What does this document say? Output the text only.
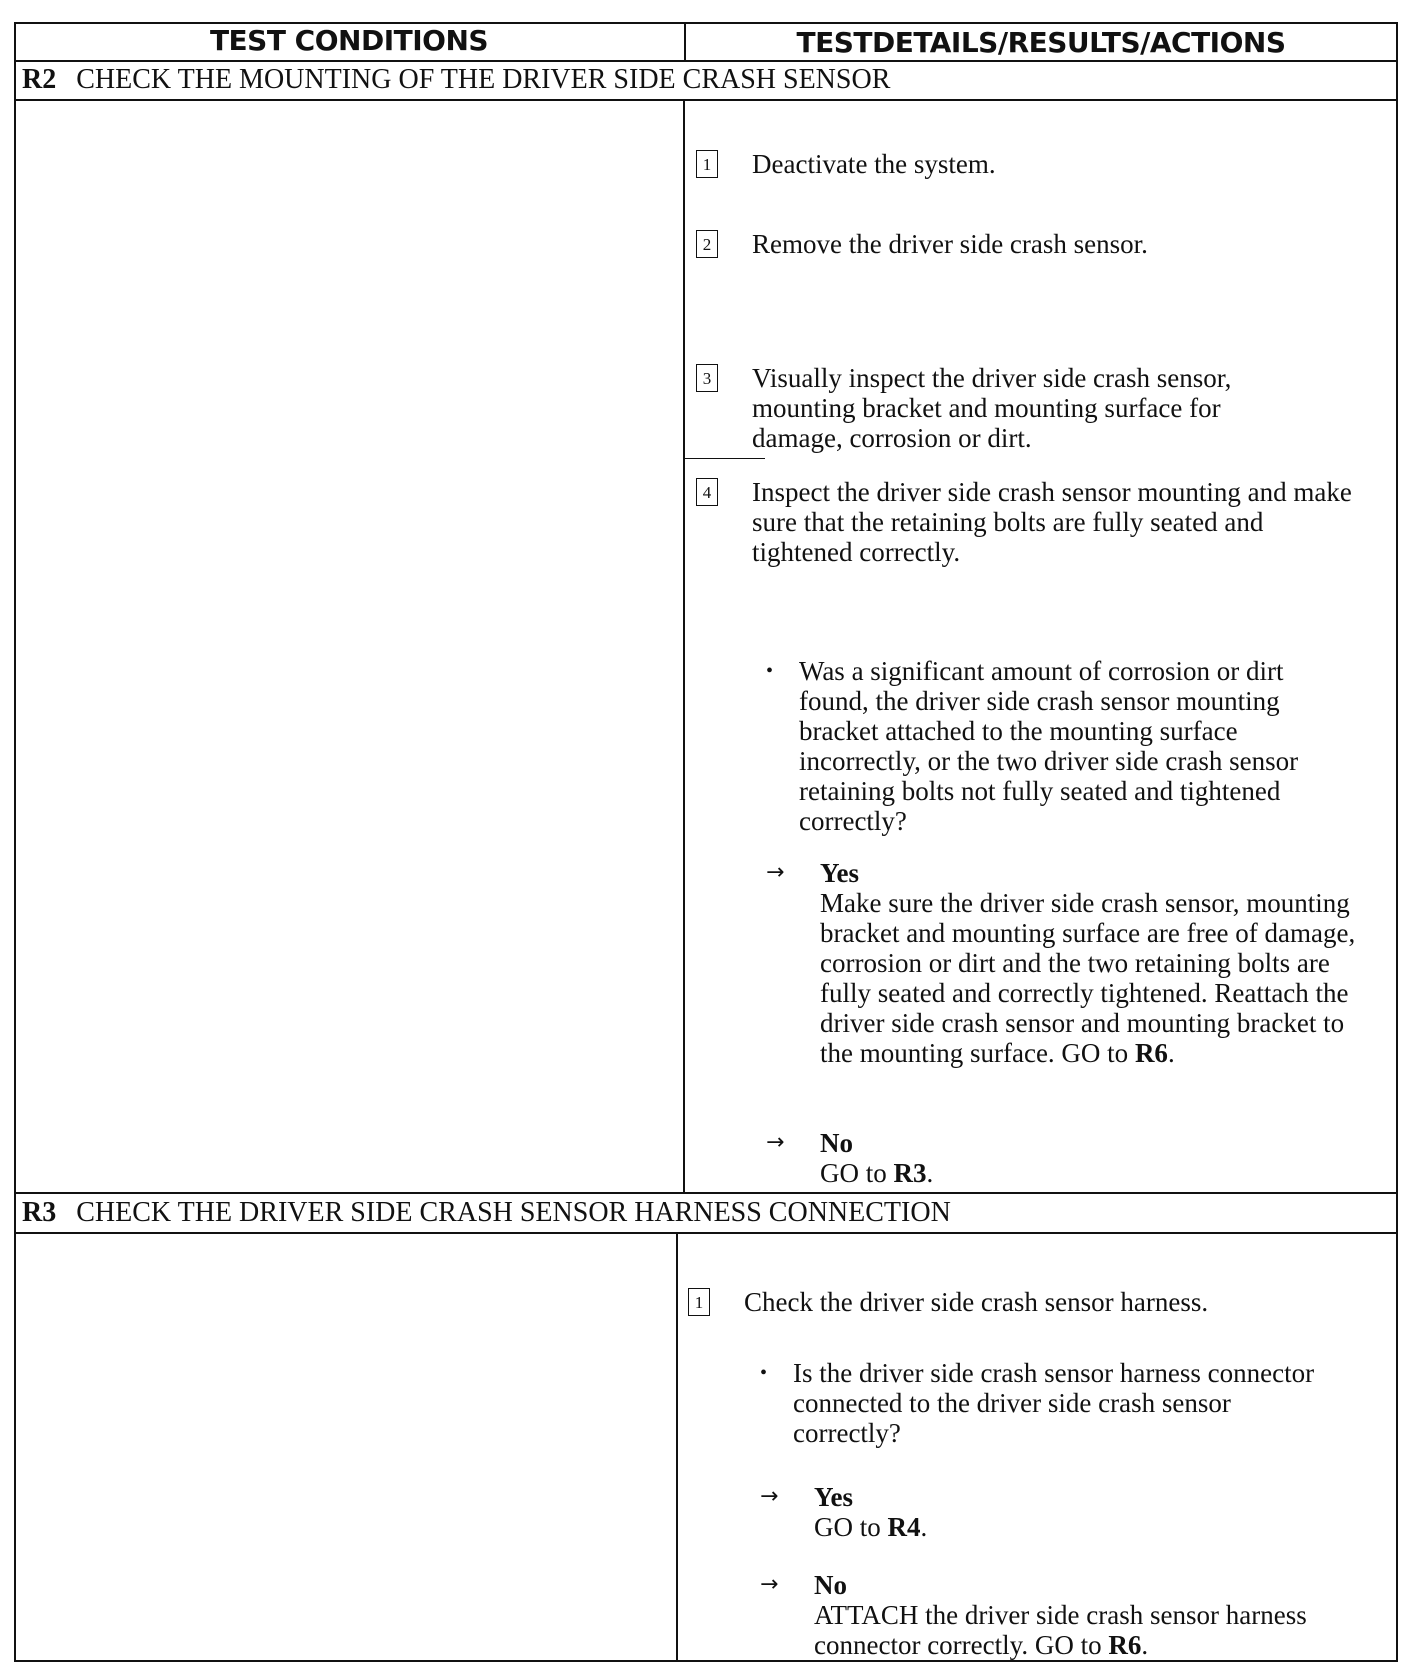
TEST CONDITIONS	TESTDETAILS/RESULTS/ACTIONS
R2 CHECK THE MOUNTING OF THE DRIVER SIDE CRASH SENSOR
1 Deactivate the system.
2 Remove the driver side crash sensor.
3 Visually inspect the driver side crash sensor, mounting bracket and mounting surface for damage, corrosion or dirt.
4 Inspect the driver side crash sensor mounting and make sure that the retaining bolts are fully seated and tightened correctly.
• Was a significant amount of corrosion or dirt found, the driver side crash sensor mounting bracket attached to the mounting surface incorrectly, or the two driver side crash sensor retaining bolts not fully seated and tightened correctly?
→ Yes
Make sure the driver side crash sensor, mounting bracket and mounting surface are free of damage, corrosion or dirt and the two retaining bolts are fully seated and correctly tightened. Reattach the driver side crash sensor and mounting bracket to the mounting surface. GO to R6.
→ No
GO to R3.
R3 CHECK THE DRIVER SIDE CRASH SENSOR HARNESS CONNECTION
1 Check the driver side crash sensor harness.
• Is the driver side crash sensor harness connector connected to the driver side crash sensor correctly?
→ Yes
GO to R4.
→ No
ATTACH the driver side crash sensor harness connector correctly. GO to R6.
